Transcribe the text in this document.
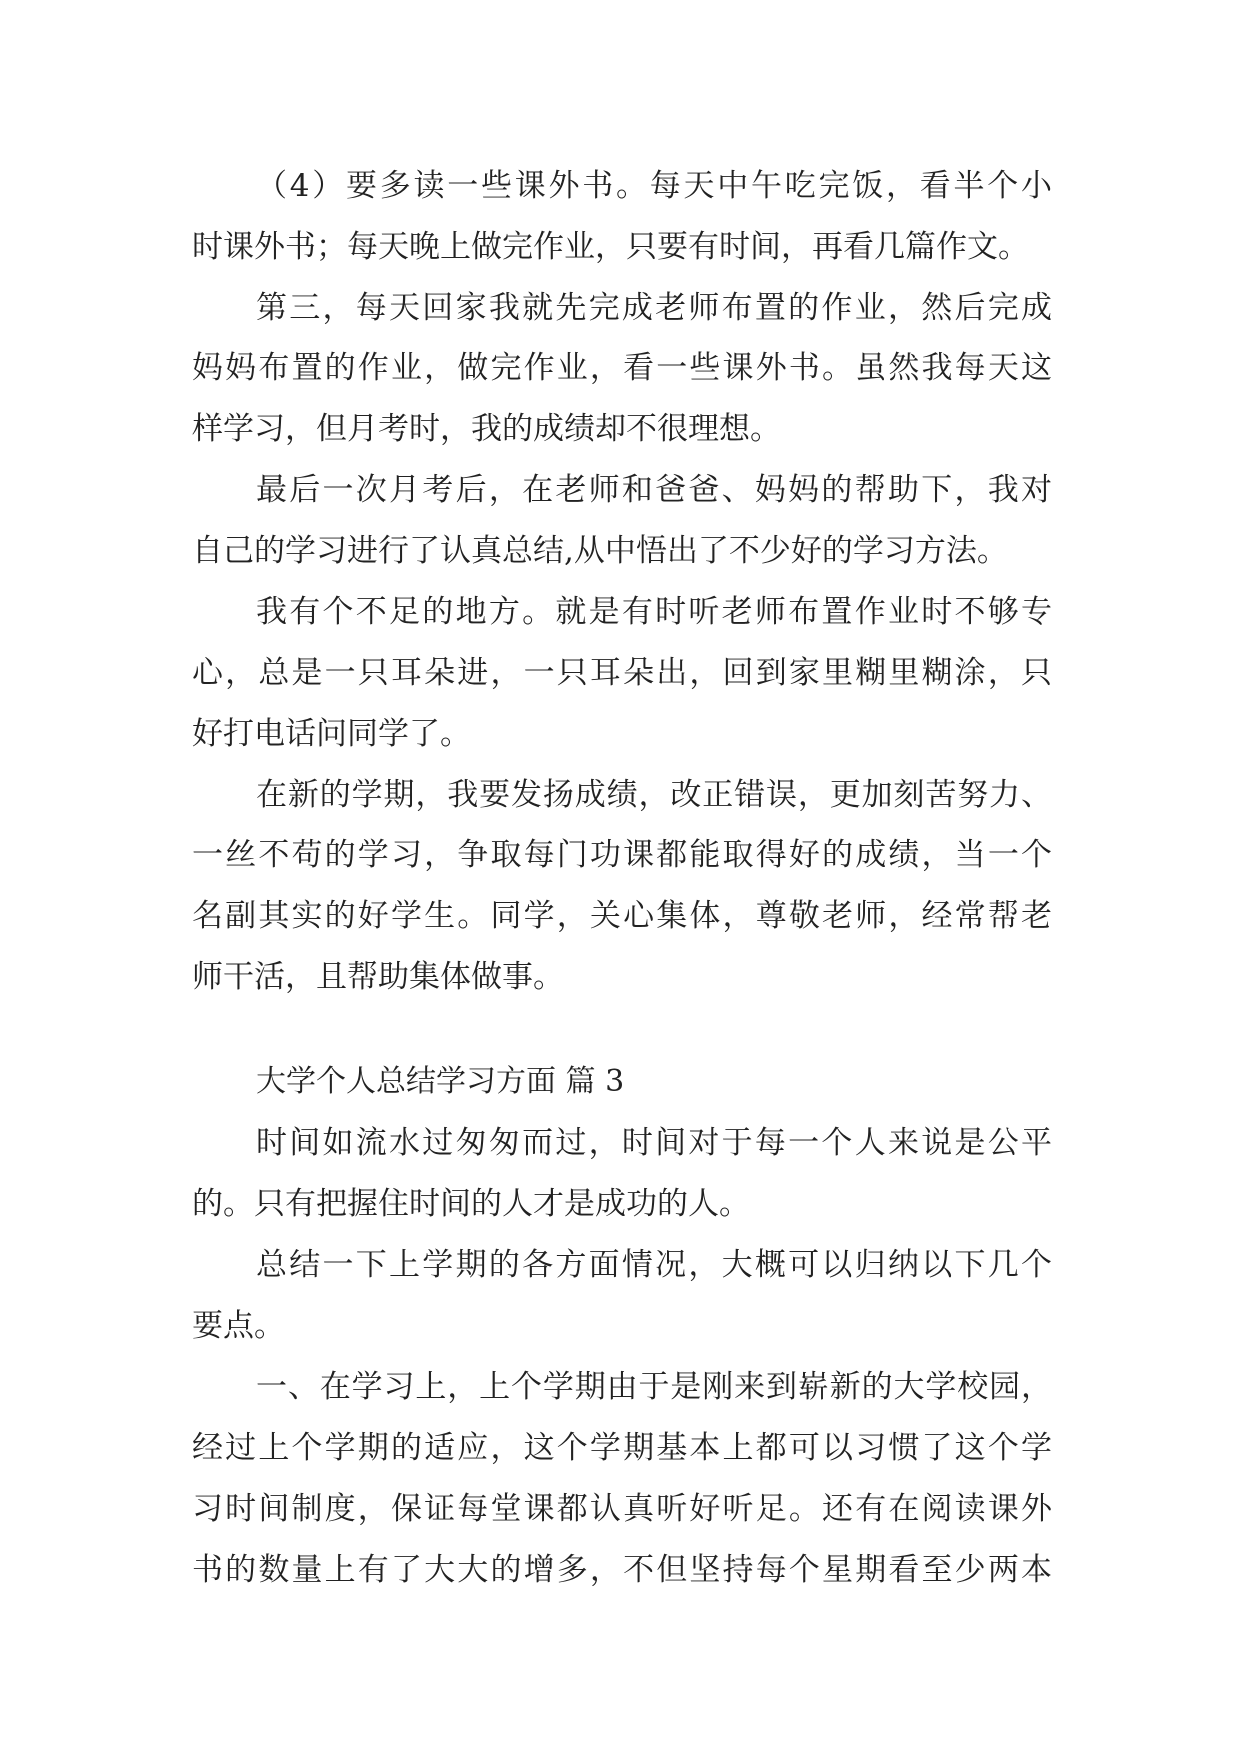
（4）要多读一些课外书。每天中午吃完饭，看半个小
时课外书；每天晚上做完作业，只要有时间，再看几篇作文。
第三，每天回家我就先完成老师布置的作业，然后完成
妈妈布置的作业，做完作业，看一些课外书。虽然我每天这
样学习，但月考时，我的成绩却不很理想。
最后一次月考后，在老师和爸爸、妈妈的帮助下，我对
自己的学习进行了认真总结,从中悟出了不少好的学习方法。
我有个不足的地方。就是有时听老师布置作业时不够专
心，总是一只耳朵进，一只耳朵出，回到家里糊里糊涂，只
好打电话问同学了。
在新的学期，我要发扬成绩，改正错误，更加刻苦努力、
一丝不苟的学习，争取每门功课都能取得好的成绩，当一个
名副其实的好学生。同学，关心集体，尊敬老师，经常帮老
师干活，且帮助集体做事。
大学个人总结学习方面 篇 3
时间如流水过匆匆而过，时间对于每一个人来说是公平
的。只有把握住时间的人才是成功的人。
总结一下上学期的各方面情况，大概可以归纳以下几个
要点。
一、在学习上，上个学期由于是刚来到崭新的大学校园，
经过上个学期的适应，这个学期基本上都可以习惯了这个学
习时间制度，保证每堂课都认真听好听足。还有在阅读课外
书的数量上有了大大的增多，不但坚持每个星期看至少两本
